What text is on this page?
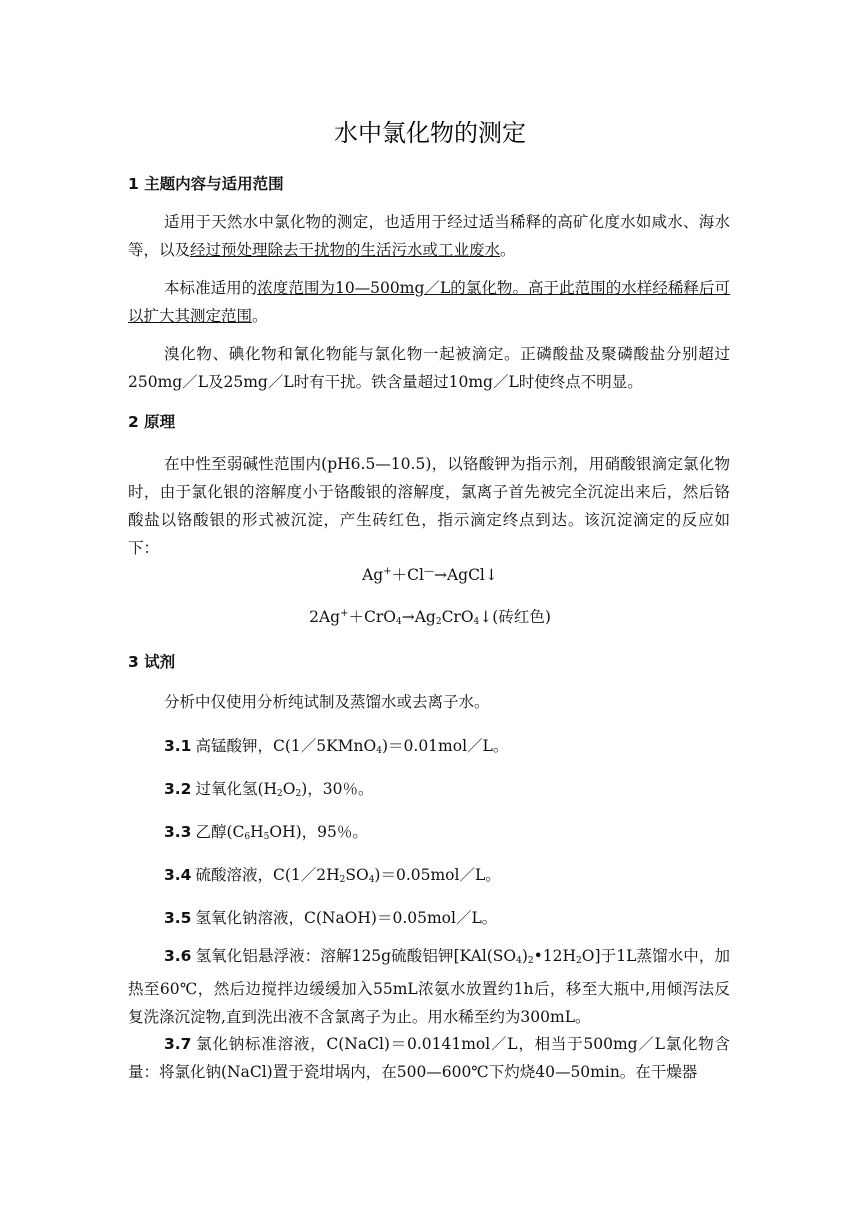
水中氯化物的测定
1 主题内容与适用范围
适用于天然水中氯化物的测定，也适用于经过适当稀释的高矿化度水如咸水、海水等，以及经过预处理除去干扰物的生活污水或工业废水。
本标准适用的浓度范围为10—500mg／L的氯化物。高于此范围的水样经稀释后可以扩大其测定范围。
溴化物、碘化物和氰化物能与氯化物一起被滴定。正磷酸盐及聚磷酸盐分别超过250mg／L及25mg／L时有干扰。铁含量超过10mg／L时使终点不明显。
2 原理
在中性至弱碱性范围内(pH6.5—10.5)，以铬酸钾为指示剂，用硝酸银滴定氯化物时，由于氯化银的溶解度小于铬酸银的溶解度，氯离子首先被完全沉淀出来后，然后铬酸盐以铬酸银的形式被沉淀，产生砖红色，指示滴定终点到达。该沉淀滴定的反应如下：
Ag+＋Cl—→AgCl↓
$2Ag^++CrO_4\to Ag_2CrO_4↓$(砖红色)
3 试剂
分析中仅使用分析纯试制及蒸馏水或去离子水。
3.1 高锰酸钾，C(1／5KMnO$_4$)＝0.01mol／L。
3.2 过氧化氢$(H_2O_2)$，30％。
3.3 乙醇$(C_6H_5OH)$，95％。
3.4 硫酸溶液，$C(1/2H_2SO_4)=0.05mol/L$。
3.5 氢氧化钠溶液，C(NaOH)＝0.05mol／L。
3.6 氢氧化铝悬浮液：溶解125g硫酸铝钾$[KAl(SO_4)_2•12H_2O]$于1L蒸馏水中，加热至60℃，然后边搅拌边缓缓加入55mL浓氨水放置约1h后，移至大瓶中,用倾泻法反复洗涤沉淀物,直到洗出液不含氯离子为止。用水稀至约为300mL。
3.7 氯化钠标准溶液，C(NaCl)＝0.0141mol／L，相当于500mg／L氯化物含量：将氯化钠(NaCl)置于瓷坩埚内，在500—600℃下灼烧40—50min。在干燥器
